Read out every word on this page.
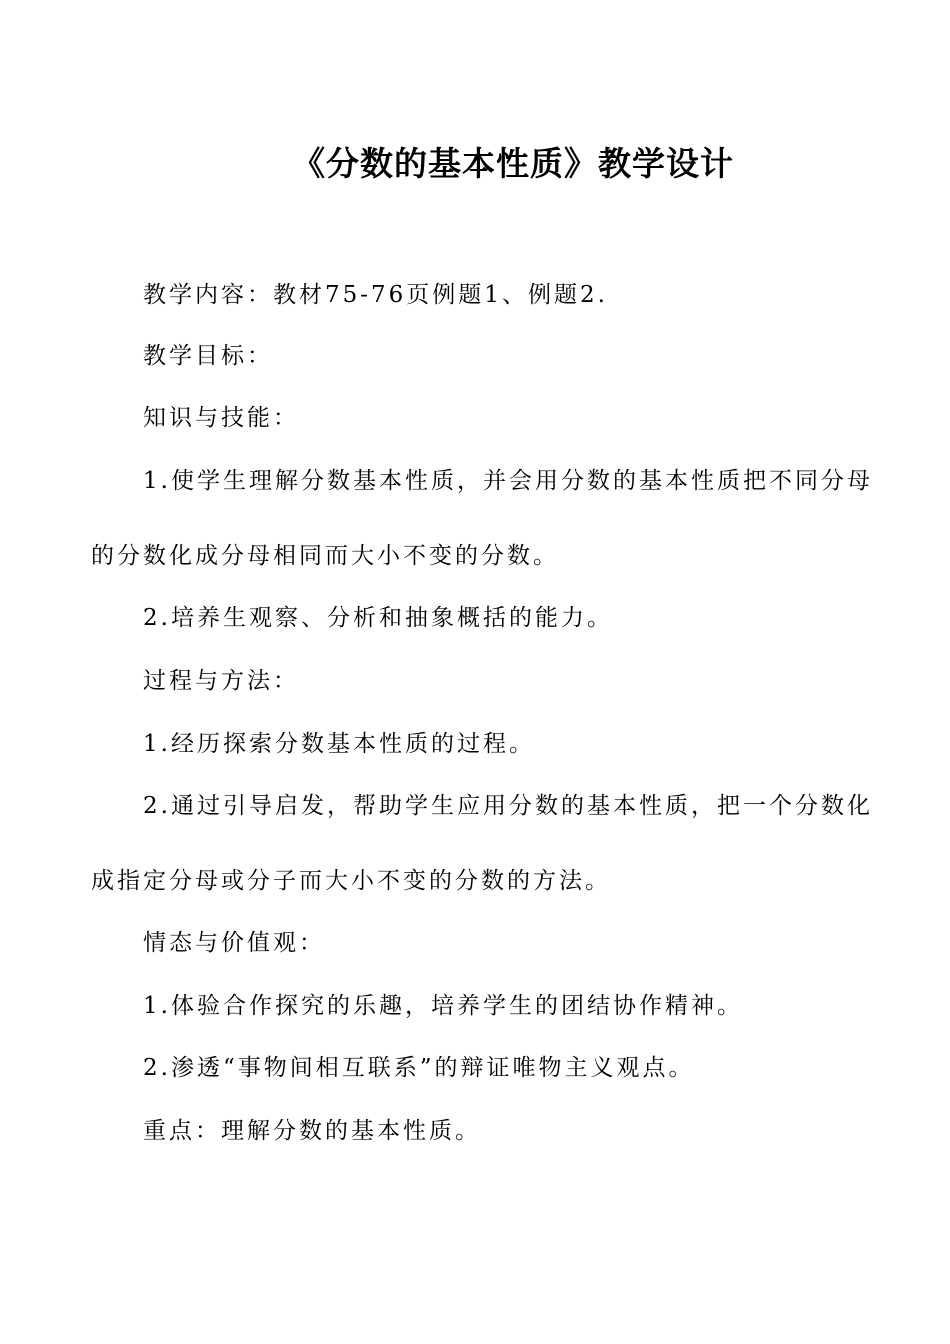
《分数的基本性质》教学设计
教学内容：教材75-76页例题1、例题2.
教学目标：
知识与技能：
1.使学生理解分数基本性质，并会用分数的基本性质把不同分母
的分数化成分母相同而大小不变的分数。
2.培养生观察、分析和抽象概括的能力。
过程与方法：
1.经历探索分数基本性质的过程。
2.通过引导启发，帮助学生应用分数的基本性质，把一个分数化
成指定分母或分子而大小不变的分数的方法。
情态与价值观：
1.体验合作探究的乐趣，培养学生的团结协作精神。
2.渗透“事物间相互联系”的辩证唯物主义观点。
重点：理解分数的基本性质。
